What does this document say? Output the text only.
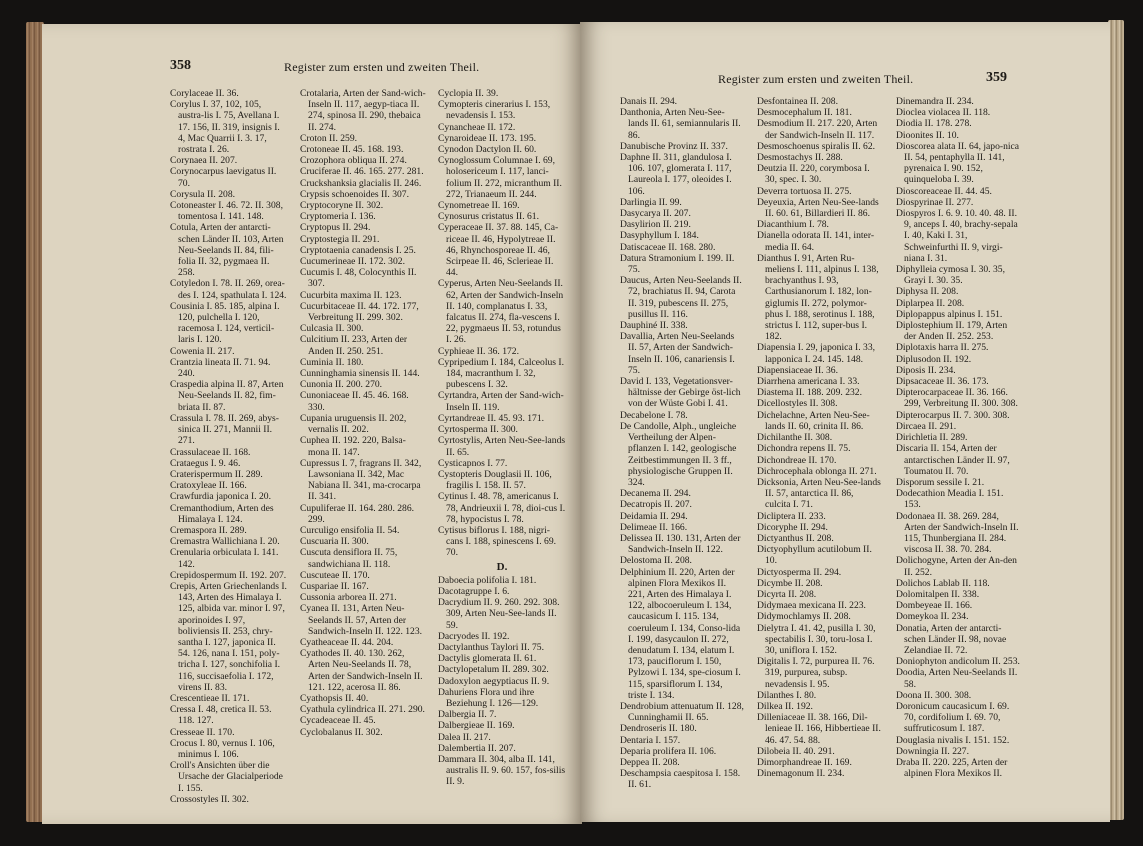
358	Register zum ersten und zweiten Theil.
Register zum ersten und zweiten Theil.	359
Corylaceae II. 36.
Corylus I. 37, 102, 105, austra-lis I. 75, Avellana I. 17. 156, II. 319, insignis I. 4, Mac Quarrii I. 3. 17, rostrata I. 26.
Corynaea II. 207.
Corynocarpus laevigatus II. 70.
Corysula II. 208.
Cotoneaster I. 46. 72. II. 308, tomentosa I. 141. 148.
Cotula, Arten der antarcti-schen Länder II. 103, Arten Neu-Seelands II. 84, fili-folia II. 32, pygmaea II. 258.
Cotyledon I. 78. II. 269, orea-des I. 124, spathulata I. 124.
Cousinia I. 85. 185, alpina I. 120, pulchella I. 120, racemosa I. 124, verticil-laris I. 120.
Cowenia II. 217.
Crantzia lineata II. 71. 94. 240.
Craspedia alpina II. 87, Arten Neu-Seelands II. 82, fim-briata II. 87.
Crassula I. 78. II. 269, abys-sinica II. 271, Mannii II. 271.
Crassulaceae II. 168.
Crataegus I. 9. 46.
Craterispermum II. 289.
Cratoxyleae II. 166.
Crawfurdia japonica I. 20.
Cremanthodium, Arten des Himalaya I. 124.
Cremaspora II. 289.
Cremastra Wallichiana I. 20.
Crenularia orbiculata I. 141. 142.
Crepidospermum II. 192. 207.
Crepis, Arten Griechenlands I. 143, Arten des Himalaya I. 125, albida var. minor I. 97, aporinoides I. 97, boliviensis II. 253, chry-santha I. 127, japonica II. 54. 126, nana I. 151, poly-tricha I. 127, sonchifolia I. 116, succisaefolia I. 172, virens II. 83.
Crescentieae II. 171.
Cressa I. 48, cretica II. 53. 118. 127.
Cresseae II. 170.
Crocus I. 80, vernus I. 106, minimus I. 106.
Croll's Ansichten über die Ursache der Glacialperiode I. 155.
Crossostyles II. 302.
Crotalaria, Arten der Sand-wich-Inseln II. 117, aegyp-tiaca II. 274, spinosa II. 290, thebaica II. 274.
Croton II. 259.
Crotoneae II. 45. 168. 193.
Crozophora obliqua II. 274.
Cruciferae II. 46. 165. 277. 281.
Cruckshanksia glacialis II. 246.
Crypsis schoenoides II. 307.
Cryptocoryne II. 302.
Cryptomeria I. 136.
Cryptopus II. 294.
Cryptostegia II. 291.
Cryptotaenia canadensis I. 25.
Cucumerineae II. 172. 302.
Cucumis I. 48, Colocynthis II. 307.
Cucurbita maxima II. 123.
Cucurbitaceae II. 44. 172. 177, Verbreitung II. 299. 302.
Culcasia II. 300.
Culcitium II. 233, Arten der Anden II. 250. 251.
Cuminia II. 180.
Cunninghamia sinensis II. 144.
Cunonia II. 200. 270.
Cunoniaceae II. 45. 46. 168. 330.
Cupania uruguensis II. 202, vernalis II. 202.
Cuphea II. 192. 220, Balsa-mona II. 147.
Cupressus I. 7, fragrans II. 342, Lawsoniana II. 342, Mac Nabiana II. 341, ma-crocarpa II. 341.
Cupuliferae II. 164. 280. 286. 299.
Curculigo ensifolia II. 54.
Cuscuaria II. 300.
Cuscuta densiflora II. 75, sandwichiana II. 118.
Cuscuteae II. 170.
Cuspariae II. 167.
Cussonia arborea II. 271.
Cyanea II. 131, Arten Neu-Seelands II. 57, Arten der Sandwich-Inseln II. 122. 123.
Cyatheaceae II. 44. 204.
Cyathodes II. 40. 130. 262, Arten Neu-Seelands II. 78, Arten der Sandwich-Inseln II. 121. 122, acerosa II. 86.
Cyathopsis II. 40.
Cyathula cylindrica II. 271. 290.
Cycadeaceae II. 45.
Cyclobalanus II. 302.
Cyclopia II. 39.
Cymopteris cinerarius I. 153, nevadensis I. 153.
Cynancheae II. 172.
Cynaroideae II. 173. 195.
Cynodon Dactylon II. 60.
Cynoglossum Columnae I. 69, holosericeum I. 117, lanci-folium II. 272, micranthum II. 272, Trianaeum II. 244.
Cynometreae II. 169.
Cynosurus cristatus II. 61.
Cyperaceae II. 37. 88. 145, Ca-riceae II. 46, Hypolytreae II. 46, Rhynchosporeae II. 46, Scirpeae II. 46, Sclerieae II. 44.
Cyperus, Arten Neu-Seelands II. 62, Arten der Sandwich-Inseln II. 140, complanatus I. 33, falcatus II. 274, fla-vescens I. 22, pygmaeus II. 53, rotundus I. 26.
Cyphieae II. 36. 172.
Cypripedium I. 184, Calceolus I. 184, macranthum I. 32, pubescens I. 32.
Cyrtandra, Arten der Sand-wich-Inseln II. 119.
Cyrtandreae II. 45. 93. 171.
Cyrtosperma II. 300.
Cyrtostylis, Arten Neu-See-lands II. 65.
Cysticapnos I. 77.
Cystopteris Douglasii II. 106, fragilis I. 158. II. 57.
Cytinus I. 48. 78, americanus I. 78, Andrieuxii I. 78, dioi-cus I. 78, hypocistus I. 78.
Cytisus biflorus I. 188, nigri-cans I. 188, spinescens I. 69. 70.
D.
Daboecia polifolia I. 181.
Dacotagruppe I. 6.
Dacrydium II. 9. 260. 292. 308. 309, Arten Neu-See-lands II. 59.
Dacryodes II. 192.
Dactylanthus Taylori II. 75.
Dactylis glomerata II. 61.
Dactylopetalum II. 289. 302.
Dadoxylon aegyptiacus II. 9.
Dahuriens Flora und ihre Beziehung I. 126—129.
Dalbergia II. 7.
Dalbergieae II. 169.
Dalea II. 217.
Dalembertia II. 207.
Dammara II. 304, alba II. 141, australis II. 9. 60. 157, fos-silis II. 9.
Danais II. 294.
Danthonia, Arten Neu-See-lands II. 61, semiannularis II. 86.
Danubische Provinz II. 337.
Daphne II. 311, glandulosa I. 106. 107, glomerata I. 117, Laureola I. 177, oleoides I. 106.
Darlingia II. 99.
Dasycarya II. 207.
Dasylirion II. 219.
Dasyphyllum I. 184.
Datiscaceae II. 168. 280.
Datura Stramonium I. 199. II. 75.
Daucus, Arten Neu-Seelands II. 72, brachiatus II. 94, Carota II. 319, pubescens II. 275, pusillus II. 116.
Dauphiné II. 338.
Davallia, Arten Neu-Seelands II. 57, Arten der Sandwich-Inseln II. 106, canariensis I. 75.
David I. 133, Vegetationsver-hältnisse der Gebirge öst-lich von der Wüste Gobi I. 41.
Decabelone I. 78.
De Candolle, Alph., ungleiche Vertheilung der Alpen-pflanzen I. 142, geologische Zeitbestimmungen II. 3 ff., physiologische Gruppen II. 324.
Decanema II. 294.
Decatropis II. 207.
Deidamia II. 294.
Delimeae II. 166.
Delissea II. 130. 131, Arten der Sandwich-Inseln II. 122.
Delostoma II. 208.
Delphinium II. 220, Arten der alpinen Flora Mexikos II. 221, Arten des Himalaya I. 122, albocoeruleum I. 134, caucasicum I. 115. 134, coeruleum I. 134, Conso-lida I. 199, dasycaulon II. 272, denudatum I. 134, elatum I. 173, pauciflorum I. 150, Pylzowi I. 134, spe-ciosum I. 115, sparsiflorum I. 134, triste I. 134.
Dendrobium attenuatum II. 128, Cunninghamii II. 65.
Dendroseris II. 180.
Dentaria I. 157.
Deparia prolifera II. 106.
Deppea II. 208.
Deschampsia caespitosa I. 158. II. 61.
Desfontainea II. 208.
Desmocephalum II. 181.
Desmodium II. 217. 220, Arten der Sandwich-Inseln II. 117.
Desmoschoenus spiralis II. 62.
Desmostachys II. 288.
Deutzia II. 220, corymbosa I. 30, spec. I. 30.
Deverra tortuosa II. 275.
Deyeuxia, Arten Neu-See-lands II. 60. 61, Billardieri II. 86.
Diacanthium I. 78.
Dianella odorata II. 141, inter-media II. 64.
Dianthus I. 91, Arten Ru-meliens I. 111, alpinus I. 138, brachyanthus I. 93, Carthusianorum I. 182, lon-giglumis II. 272, polymor-phus I. 188, serotinus I. 188, strictus I. 112, super-bus I. 182.
Diapensia I. 29, japonica I. 33, lapponica I. 24. 145. 148.
Diapensiaceae II. 36.
Diarrhena americana I. 33.
Diastema II. 188. 209. 232.
Dicellostyles II. 308.
Dichelachne, Arten Neu-See-lands II. 60, crinita II. 86.
Dichilanthe II. 308.
Dichondra repens II. 75.
Dichondreae II. 170.
Dichrocephala oblonga II. 271.
Dicksonia, Arten Neu-See-lands II. 57, antarctica II. 86, culcita I. 71.
Dicliptera II. 233.
Dicoryphe II. 294.
Dictyanthus II. 208.
Dictyophyllum acutilobum II. 10.
Dictyosperma II. 294.
Dicymbe II. 208.
Dicyrta II. 208.
Didymaea mexicana II. 223.
Didymochlamys II. 208.
Dielytra I. 41. 42, pusilla I. 30, spectabilis I. 30, toru-losa I. 30, uniflora I. 152.
Digitalis I. 72, purpurea II. 76. 319, purpurea, subsp. nevadensis I. 95.
Dilanthes I. 80.
Dilkea II. 192.
Dilleniaceae II. 38. 166, Dil-lenieae II. 166, Hibbertieae II. 46. 47. 54. 88.
Dilobeia II. 40. 291.
Dimorphandreae II. 169.
Dinemagonum II. 234.
Dinemandra II. 234.
Dioclea violacea II. 118.
Diodia II. 178. 278.
Dioonites II. 10.
Dioscorea alata II. 64, japo-nica II. 54, pentaphylla II. 141, pyrenaica I. 90. 152, quinqueloba I. 39.
Dioscoreaceae II. 44. 45.
Diospyrinae II. 277.
Diospyros I. 6. 9. 10. 40. 48. II. 9, anceps I. 40, brachy-sepala I. 40, Kaki I. 31, Schweinfurthi II. 9, virgi-niana I. 31.
Diphylleia cymosa I. 30. 35, Grayi I. 30. 35.
Diphysa II. 208.
Diplarpea II. 208.
Diplopappus alpinus I. 151.
Diplostephium II. 179, Arten der Anden II. 252. 253.
Diplotaxis harra II. 275.
Diplusodon II. 192.
Diposis II. 234.
Dipsacaceae II. 36. 173.
Dipterocarpaceae II. 36. 166. 299, Verbreitung II. 300. 308.
Dipterocarpus II. 7. 300. 308.
Dircaea II. 291.
Dirichletia II. 289.
Discaria II. 154, Arten der antarctischen Länder II. 97, Toumatou II. 70.
Disporum sessile I. 21.
Dodecathion Meadia I. 151. 153.
Dodonaea II. 38. 269. 284, Arten der Sandwich-Inseln II. 115, Thunbergiana II. 284. viscosa II. 38. 70. 284.
Dolichogyne, Arten der An-den II. 252.
Dolichos Lablab II. 118.
Dolomitalpen II. 338.
Dombeyeae II. 166.
Domeykoa II. 234.
Donatia, Arten der antarcti-schen Länder II. 98, novae Zelandiae II. 72.
Doniophyton andicolum II. 253.
Doodia, Arten Neu-Seelands II. 58.
Doona II. 300. 308.
Doronicum caucasicum I. 69. 70, cordifolium I. 69. 70, suffruticosum I. 187.
Douglasia nivalis I. 151. 152.
Downingia II. 227.
Draba II. 220. 225, Arten der alpinen Flora Mexikos II.
